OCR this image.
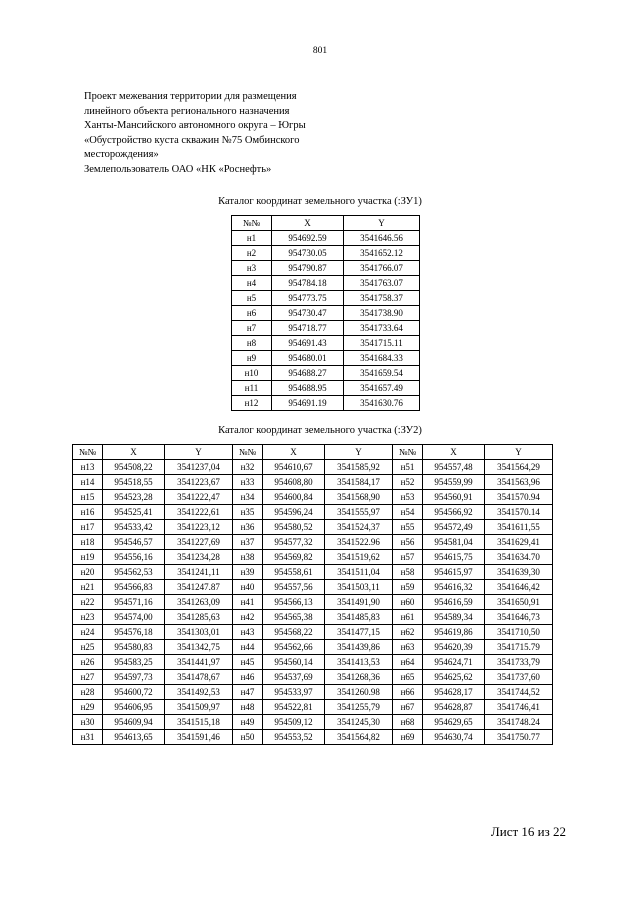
801
Проект межевания территории для размещения
линейного объекта регионального назначения
Ханты-Мансийского автономного округа – Югры
«Обустройство куста скважин №75 Омбинского
месторождения»
Землепользователь ОАО «НК «Роснефть»
Каталог координат земельного участка (:ЗУ1)
№№	X	Y
н1	954692.59	3541646.56
н2	954730.05	3541652.12
н3	954790.87	3541766.07
н4	954784.18	3541763.07
н5	954773.75	3541758.37
н6	954730.47	3541738.90
н7	954718.77	3541733.64
н8	954691.43	3541715.11
н9	954680.01	3541684.33
н10	954688.27	3541659.54
н11	954688.95	3541657.49
н12	954691.19	3541630.76
Каталог координат земельного участка (:ЗУ2)
№№	X	Y	№№	X	Y	№№	X	Y
н13	954508,22	3541237,04	н32	954610,67	3541585,92	н51	954557,48	3541564,29
н14	954518,55	3541223,67	н33	954608,80	3541584,17	н52	954559,99	3541563,96
н15	954523,28	3541222,47	н34	954600,84	3541568,90	н53	954560,91	3541570.94
н16	954525,41	3541222,61	н35	954596,24	3541555,97	н54	954566,92	3541570.14
н17	954533,42	3541223,12	н36	954580,52	3541524,37	н55	954572,49	3541611,55
н18	954546,57	3541227,69	н37	954577,32	3541522.96	н56	954581,04	3541629,41
н19	954556,16	3541234,28	н38	954569,82	3541519,62	н57	954615,75	3541634.70
н20	954562,53	3541241,11	н39	954558,61	3541511,04	н58	954615,97	3541639,30
н21	954566,83	3541247.87	н40	954557,56	3541503,11	н59	954616,32	3541646,42
н22	954571,16	3541263,09	н41	954566,13	3541491,90	н60	954616,59	3541650,91
н23	954574,00	3541285,63	н42	954565,38	3541485,83	н61	954589,34	3541646,73
н24	954576,18	3541303,01	н43	954568,22	3541477,15	н62	954619,86	3541710,50
н25	954580,83	3541342,75	н44	954562,66	3541439,86	н63	954620,39	3541715.79
н26	954583,25	3541441,97	н45	954560,14	3541413,53	н64	954624,71	3541733,79
н27	954597,73	3541478,67	н46	954537,69	3541268,36	н65	954625,62	3541737,60
н28	954600,72	3541492,53	н47	954533,97	3541260.98	н66	954628,17	3541744,52
н29	954606,95	3541509,97	н48	954522,81	3541255,79	н67	954628,87	3541746,41
н30	954609,94	3541515,18	н49	954509,12	3541245,30	н68	954629,65	3541748.24
н31	954613,65	3541591,46	н50	954553,52	3541564,82	н69	954630,74	3541750.77
Лист 16 из 22
